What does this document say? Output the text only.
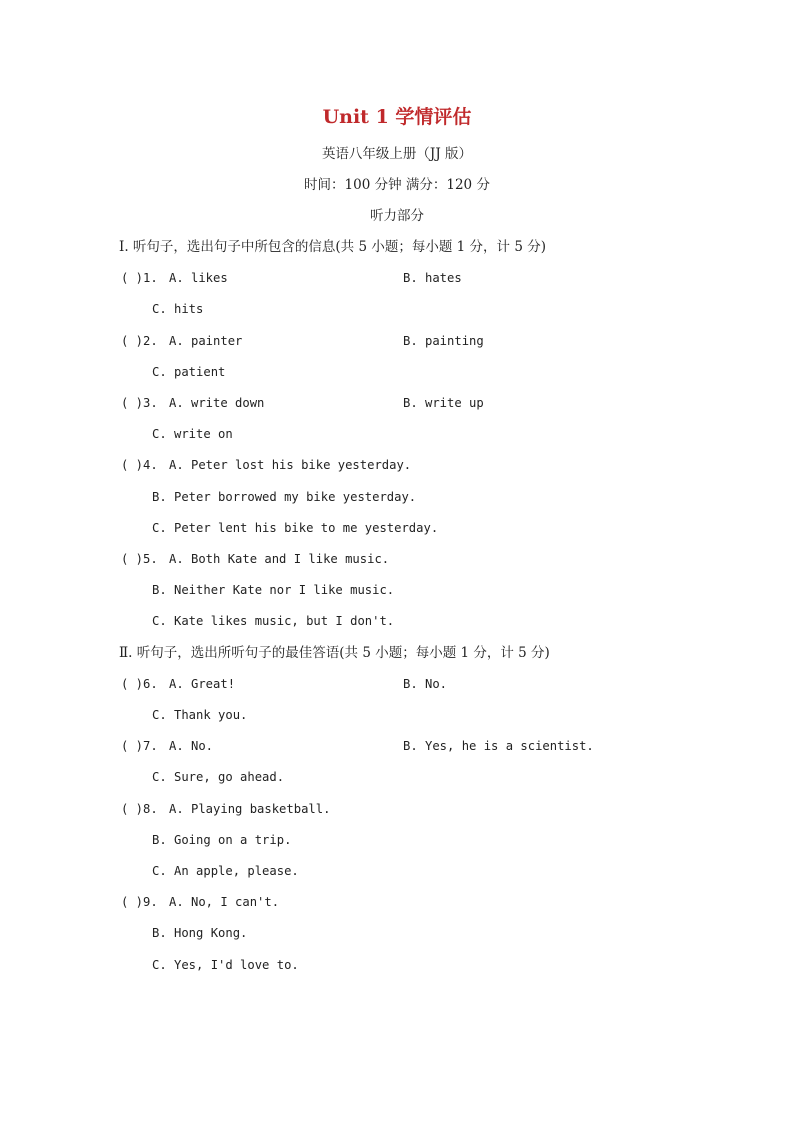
Unit 1 学情评估
英语八年级上册（JJ 版）
时间：100 分钟 满分：120 分
听力部分
Ⅰ. 听句子，选出句子中所包含的信息(共 5 小题；每小题 1 分，计 5 分)
( )1. A. likes	B. hates
C. hits
( )2. A. painter	B. painting
C. patient
( )3. A. write down	B. write up
C. write on
( )4. A. Peter lost his bike yesterday.
B. Peter borrowed my bike yesterday.
C. Peter lent his bike to me yesterday.
( )5. A. Both Kate and I like music.
B. Neither Kate nor I like music.
C. Kate likes music, but I don't.
Ⅱ. 听句子，选出所听句子的最佳答语(共 5 小题；每小题 1 分，计 5 分)
( )6. A. Great!	B. No.
C. Thank you.
( )7. A. No.	B. Yes, he is a scientist.
C. Sure, go ahead.
( )8. A. Playing basketball.
B. Going on a trip.
C. An apple, please.
( )9. A. No, I can't.
B. Hong Kong.
C. Yes, I'd love to.
